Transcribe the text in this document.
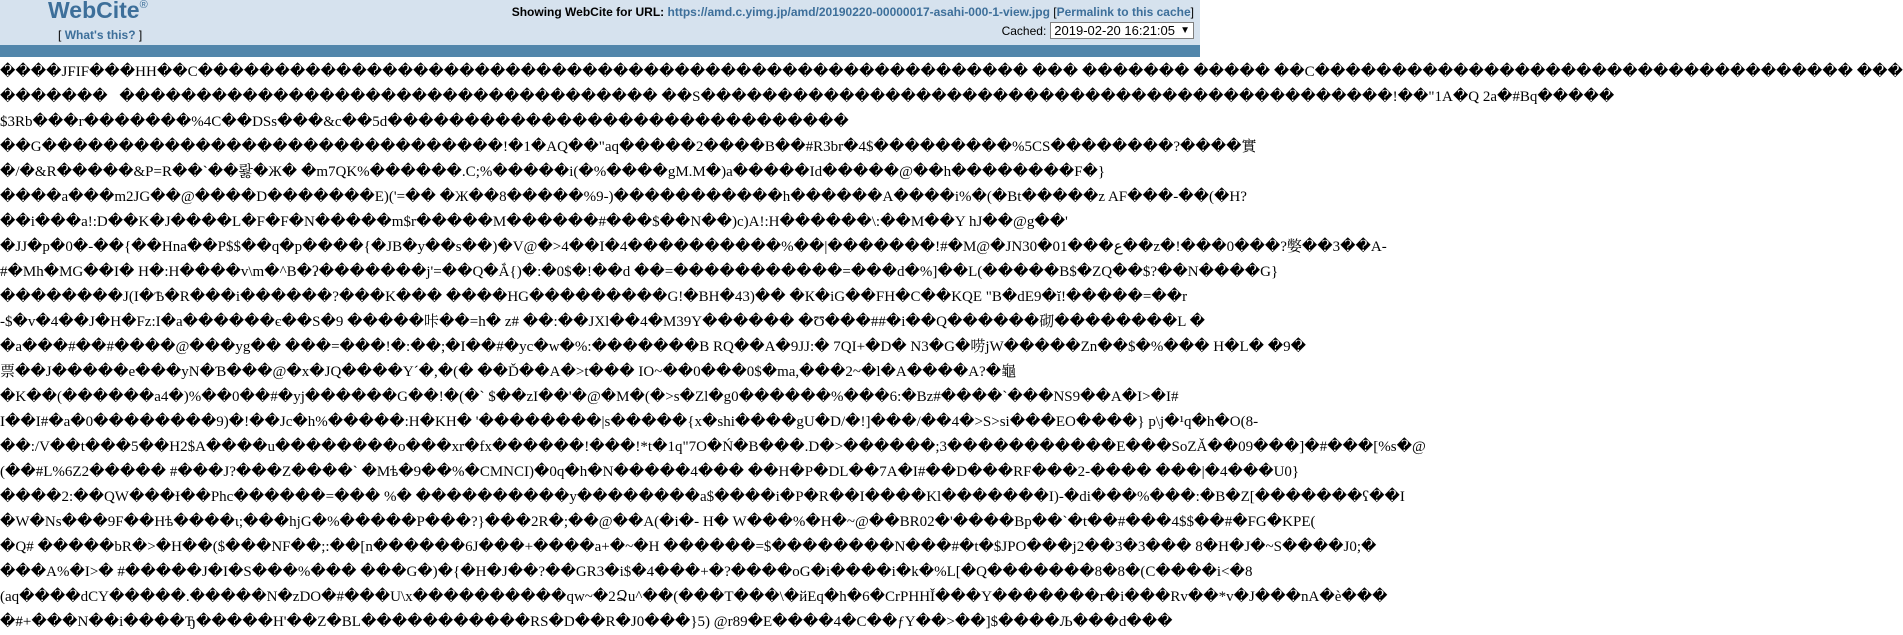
WebCite®
[ What's this? ]
Showing WebCite for URL: https://amd.c.yimg.jp/amd/20190220-00000017-asahi-000-1-view.jpg [Permalink to this cache]
Cached: 2019-02-20 16:21:05 ▼
����JFIF���HH��C������������������������������������������������������ ��� ������� ����� ��C����������������������������������� ���
������� ����������������������������������� ��S���������������������������������������������!��"1A�Q 2a�#Bq�����
$3Rb���r�������%4C��DSs���&c��5d������������������������������
��G������������������������������!�1�AQ��"aq�����2����B��#R3br�4$���������%5CS��������?����實
�/�&R�����&P=R��`��뢇�Ж� �m7QK%������.C;%�����i(�%����gM.M�)a�����Id�����@��h��������F�}
����a���m2JG��@����D�������E)('=�� �Ж��8�����%9-)�����������h������A����i%�(�Bt�����z AF���-��(�H?
��i���a!:D��K�J����L�F�F�N�����m$r�����M������#���$��N��)c)A!:H������\:��M��Y hJ��@g��'
�JJ�p�0�-��{��Hna��P$$��q�p����{�JB�y��s��)�V@�>4��I�4����������%��|�������!#�M@�JN30�01���ع��z�!���0���?嫳��3��A-
#�Mh�MG��I� H�:H����v\m�^B�ʔ�������j'=��Q�Ắ{)�:�0$�!��d ��=�����������=���d�%]��L(�����B$�ZQ��$?��N����G}
��������J(I�Ѣ�R���i������?���K��� ����HG���������G!�BH�43)�� �К�iG��FH�C��KQE "B�dE9�ĭ!�����=��r
-$�v�4��J�H�Fz:I�a������є��S�9 �����咔��=h� z# ��:��JXl��4�M39Y������ �Ʊ���##�i��Q������砌��������L �
�a���#��#����@���yg�� ���=���!�:��;�I��#�yc�w�%:�������B RQ��A�9JJ:� 7QI+�D� N3�G�唠jW�����Zn��$�%��� H�L� �9�
票��J�����e���yN�Ɓ���@�x�JQ����Y´�,�(� ��Ď��A�>t��� IO~��0���0$�ma,���2~�l�A����A?�龜
�K��(������a4�)%��0��#�yj������G��!�(�` $��zI��'�@�M�(�>s�Zl�g0������%���6:�Bz#����`���NS9��A�I>�I#
I��I#�a�0��������9)�!��Jc�h%�����:H�KH� '��������|s�����{x�shi����gU�D/�!]���/��4�>S>si���EO����} p\j�¹q�h�O(8-
��:/V��t���5��H2$A����u��������o���xr�fx������!���!*t�1q"7O�Ń�B���.D�>������;3�����������E���SoZǍ��09���]�#���[%s�@
(��#L%6Z2����� #���J?���Z����` �Mѣ�9��%�CMNCI)�0q�h�N�����4��� ��H�P�DL��7A�I#��D���RF���2-���� ���|�4���U0}
����2:��QW���Ɨ��Phc������=��� %� ����������y��������a$����i�P�R��I����Kl�������I)-�di���%���:�B�Z[�������ʕ��I
�W�Ns���9F��Hѣ����ι;���hjG�%�����P���?}���2R�;��@��A(�i�- H� W���%�H�~@��BR02�'����Bp��`�t��#���4$$��#�FG�KPE(
�Q# �����bR�>�H��($���NF��;:��[n������6J���+����a+�~�H ������=$��������N���#�t�$JPO���j2��3�3��� 8�H�J�~S����J0;�
���A%�I>� #�����J�I�S���%��� ���G�)�{�H�J��?��GR3�i$�4���+�?����oG�i����i�k�%L[�Q�������8�8�(C����i<�8
(aq����dCY�����.�����N�zDO�#���U\x����������qw~�2Ձu^��(���T���\�йEq�h�6�CrPHHǏ���Y�������r�i���Rv��*v�J���nA�è���
�#+���N��i����Ђ�����H'��Z�BL�����������RS�D��R�J0���}5) @r89�E����4�C��ƒY��>��]$����Љ���d���
